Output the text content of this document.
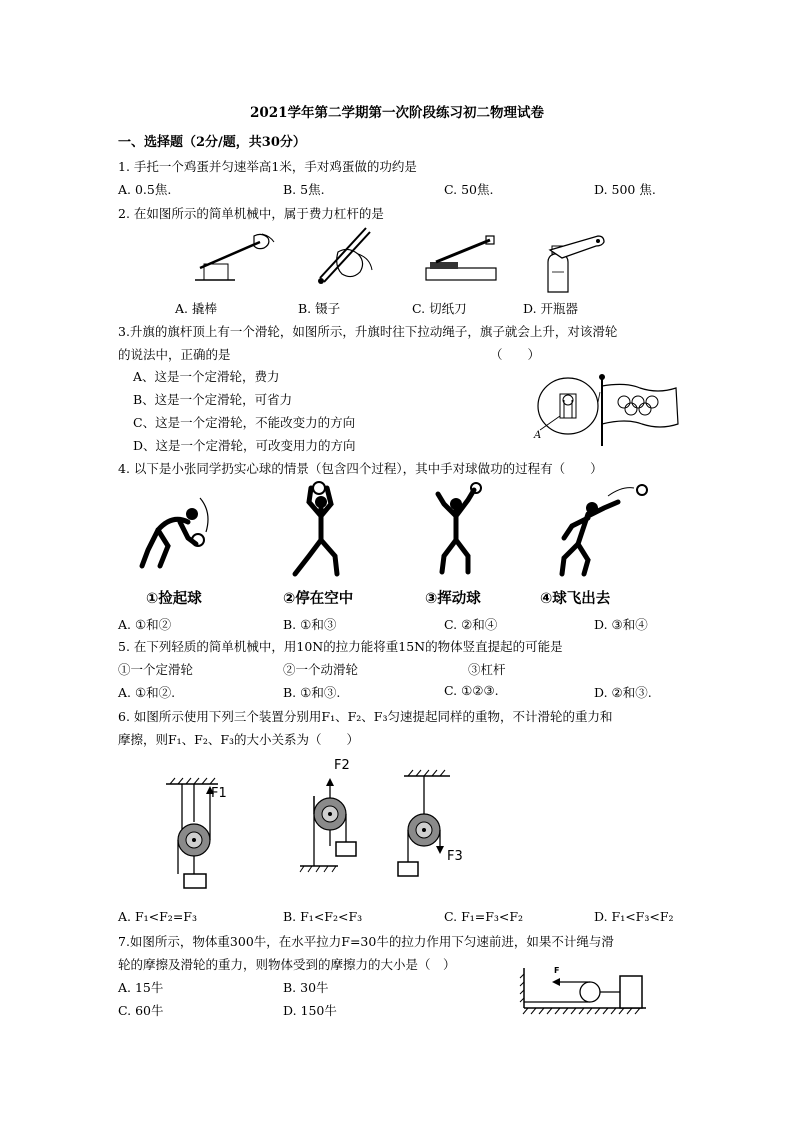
2021学年第二学期第一次阶段练习初二物理试卷
一、选择题（2分/题，共30分）
1. 手托一个鸡蛋并匀速举高1米，手对鸡蛋做的功约是
A. 0.5焦.	B. 5焦.	C. 50焦.	D. 500 焦.
2. 在如图所示的简单机械中，属于费力杠杆的是
A. 撬棒	B. 镊子	C. 切纸刀	D. 开瓶器
3.升旗的旗杆顶上有一个滑轮，如图所示，升旗时往下拉动绳子，旗子就会上升，对该滑轮
的说法中，正确的是	（　　）
A、这是一个定滑轮，费力
B、这是一个定滑轮，可省力
C、这是一个定滑轮，不能改变力的方向
D、这是一个定滑轮，可改变用力的方向
A
4. 以下是小张同学扔实心球的情景（包含四个过程），其中手对球做功的过程有（　　）
①捡起球	②停在空中	③挥动球	④球飞出去
A. ①和②	B. ①和③	C. ②和④	D. ③和④
5. 在下列轻质的简单机械中，用10N的拉力能将重15N的物体竖直提起的可能是
①一个定滑轮	②一个动滑轮	③杠杆
A. ①和②.	B. ①和③.	C. ①②③.	D. ②和③.
6. 如图所示使用下列三个装置分别用F₁、F₂、F₃匀速提起同样的重物，不计滑轮的重力和
摩擦，则F₁、F₂、F₃的大小关系为（　　）
F1
F2
F3
A. F₁<F₂=F₃	B. F₁<F₂<F₃	C. F₁=F₃<F₂	D. F₁<F₃<F₂
7.如图所示，物体重300牛，在水平拉力F=30牛的拉力作用下匀速前进，如果不计绳与滑
轮的摩擦及滑轮的重力，则物体受到的摩擦力的大小是（　）
A. 15牛	B. 30牛
C. 60牛	D. 150牛
F
